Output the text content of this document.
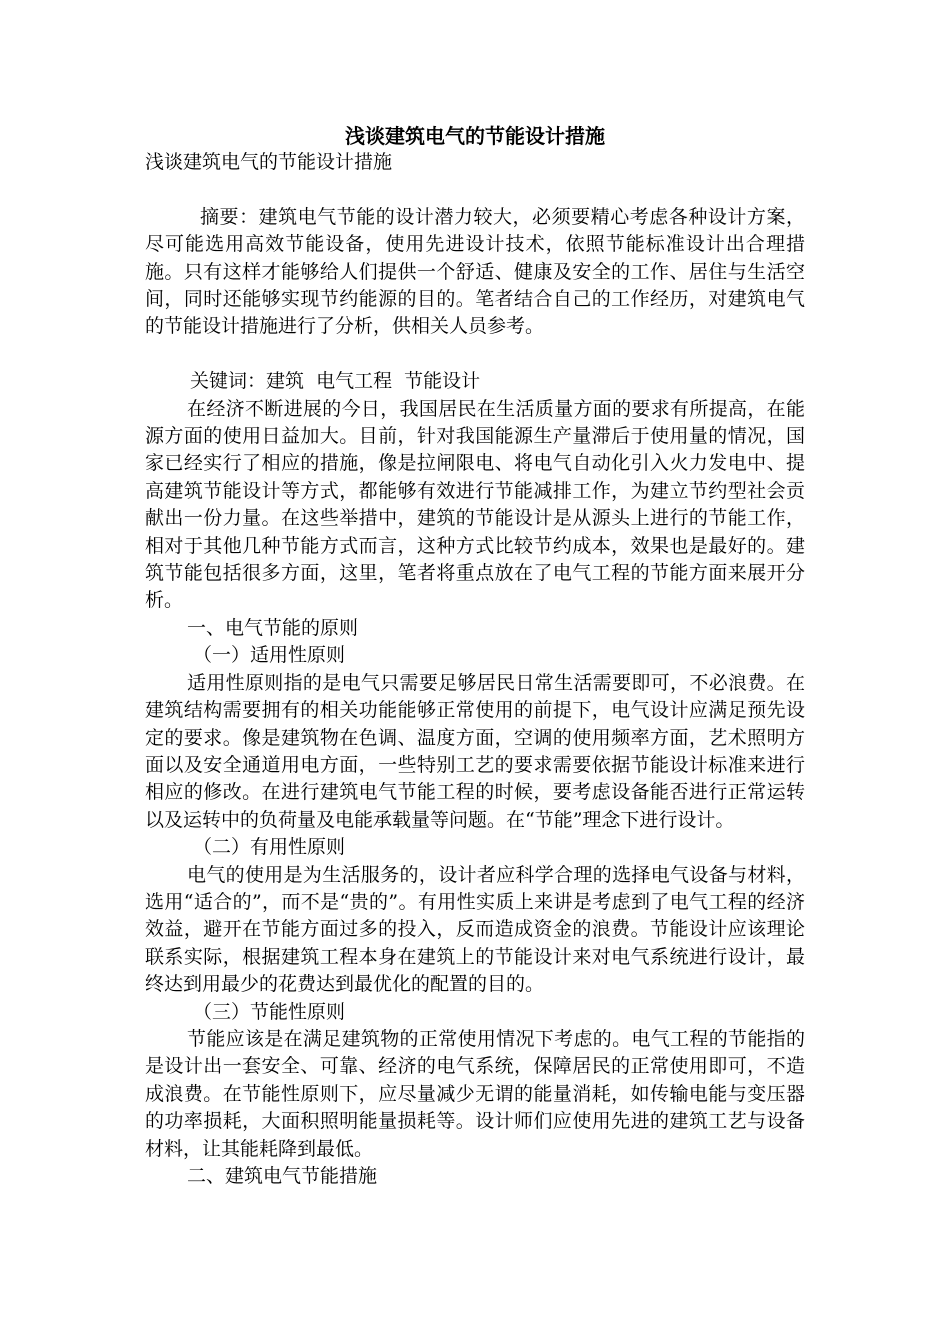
浅谈建筑电气的节能设计措施

浅谈建筑电气的节能设计措施

摘要：建筑电气节能的设计潜力较大，必须要精心考虑各种设计方案，尽可能选用高效节能设备，使用先进设计技术，依照节能标准设计出合理措施。只有这样才能够给人们提供一个舒适、健康及安全的工作、居住与生活空间，同时还能够实现节约能源的目的。笔者结合自己的工作经历，对建筑电气的节能设计措施进行了分析，供相关人员参考。

关键词：建筑  电气工程  节能设计

在经济不断进展的今日，我国居民在生活质量方面的要求有所提高，在能源方面的使用日益加大。目前，针对我国能源生产量滞后于使用量的情况，国家已经实行了相应的措施，像是拉闸限电、将电气自动化引入火力发电中、提高建筑节能设计等方式，都能够有效进行节能减排工作，为建立节约型社会贡献出一份力量。在这些举措中，建筑的节能设计是从源头上进行的节能工作，相对于其他几种节能方式而言，这种方式比较节约成本，效果也是最好的。建筑节能包括很多方面，这里，笔者将重点放在了电气工程的节能方面来展开分析。

一、电气节能的原则

（一）适用性原则

适用性原则指的是电气只需要足够居民日常生活需要即可，不必浪费。在建筑结构需要拥有的相关功能能够正常使用的前提下，电气设计应满足预先设定的要求。像是建筑物在色调、温度方面，空调的使用频率方面，艺术照明方面以及安全通道用电方面，一些特别工艺的要求需要依据节能设计标准来进行相应的修改。在进行建筑电气节能工程的时候，要考虑设备能否进行正常运转以及运转中的负荷量及电能承载量等问题。在“节能”理念下进行设计。

（二）有用性原则

电气的使用是为生活服务的，设计者应科学合理的选择电气设备与材料，选用“适合的”，而不是“贵的”。有用性实质上来讲是考虑到了电气工程的经济效益，避开在节能方面过多的投入，反而造成资金的浪费。节能设计应该理论联系实际，根据建筑工程本身在建筑上的节能设计来对电气系统进行设计，最终达到用最少的花费达到最优化的配置的目的。

（三）节能性原则

节能应该是在满足建筑物的正常使用情况下考虑的。电气工程的节能指的是设计出一套安全、可靠、经济的电气系统，保障居民的正常使用即可，不造成浪费。在节能性原则下，应尽量减少无谓的能量消耗，如传输电能与变压器的功率损耗，大面积照明能量损耗等。设计师们应使用先进的建筑工艺与设备材料，让其能耗降到最低。

二、建筑电气节能措施
